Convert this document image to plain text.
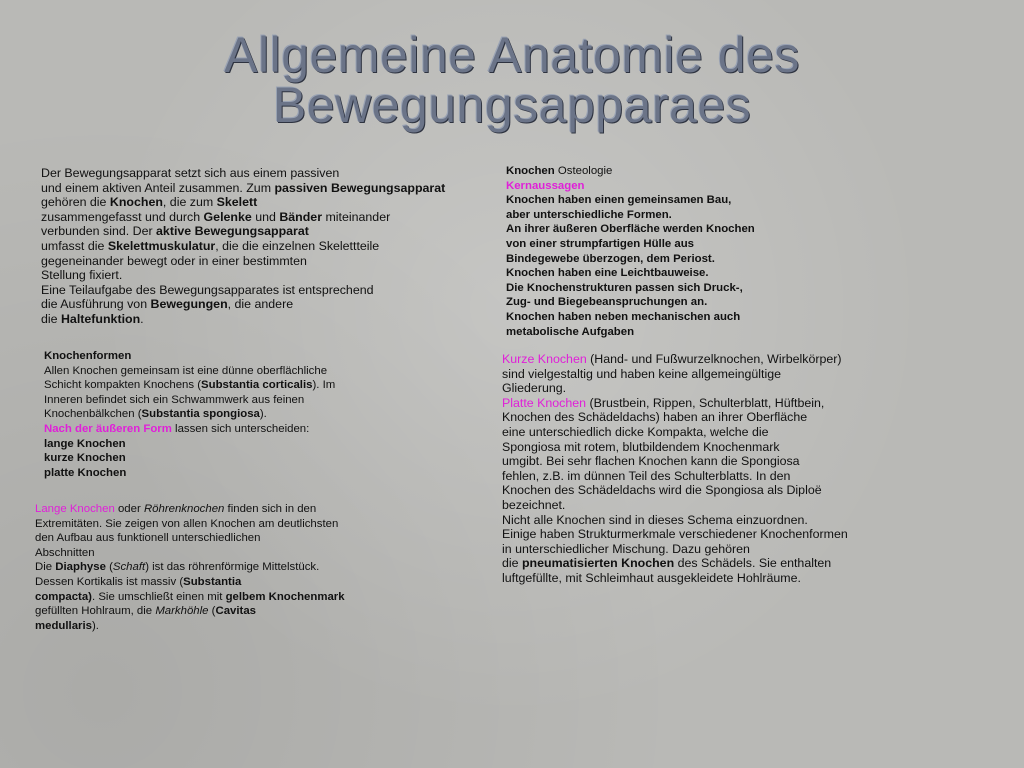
Allgemeine Anatomie des
Bewegungsapparaes
Der Bewegungsapparat setzt sich aus einem passiven
und einem aktiven Anteil zusammen. Zum passiven Bewegungsapparat
gehören die Knochen, die zum Skelett
zusammengefasst und durch Gelenke und Bänder miteinander
verbunden sind. Der aktive Bewegungsapparat
umfasst die Skelettmuskulatur, die die einzelnen Skelettteile
gegeneinander bewegt oder in einer bestimmten
Stellung fixiert.
Eine Teilaufgabe des Bewegungsapparates ist entsprechend
die Ausführung von Bewegungen, die andere
die Haltefunktion.
Knochenformen
Allen Knochen gemeinsam ist eine dünne oberflächliche
Schicht kompakten Knochens (Substantia corticalis). Im
Inneren befindet sich ein Schwammwerk aus feinen
Knochenbälkchen (Substantia spongiosa).
Nach der äußeren Form lassen sich unterscheiden:
lange Knochen
kurze Knochen
platte Knochen
Lange Knochen oder Röhrenknochen finden sich in den
Extremitäten. Sie zeigen von allen Knochen am deutlichsten
den Aufbau aus funktionell unterschiedlichen
Abschnitten
Die Diaphyse (Schaft) ist das röhrenförmige Mittelstück.
Dessen Kortikalis ist massiv (Substantia
compacta). Sie umschließt einen mit gelbem Knochenmark
gefüllten Hohlraum, die Markhöhle (Cavitas
medullaris).
Knochen Osteologie
Kernaussagen
Knochen haben einen gemeinsamen Bau,
aber unterschiedliche Formen.
An ihrer äußeren Oberfläche werden Knochen
von einer strumpfartigen Hülle aus
Bindegewebe überzogen, dem Periost.
Knochen haben eine Leichtbauweise.
Die Knochenstrukturen passen sich Druck-,
Zug- und Biegebeanspruchungen an.
Knochen haben neben mechanischen auch
metabolische Aufgaben
Kurze Knochen (Hand- und Fußwurzelknochen, Wirbelkörper)
sind vielgestaltig und haben keine allgemeingültige
Gliederung.
Platte Knochen (Brustbein, Rippen, Schulterblatt, Hüftbein,
Knochen des Schädeldachs) haben an ihrer Oberfläche
eine unterschiedlich dicke Kompakta, welche die
Spongiosa mit rotem, blutbildendem Knochenmark
umgibt. Bei sehr flachen Knochen kann die Spongiosa
fehlen, z.B. im dünnen Teil des Schulterblatts. In den
Knochen des Schädeldachs wird die Spongiosa als Diploë
bezeichnet.
Nicht alle Knochen sind in dieses Schema einzuordnen.
Einige haben Strukturmerkmale verschiedener Knochenformen
in unterschiedlicher Mischung. Dazu gehören
die pneumatisierten Knochen des Schädels. Sie enthalten
luftgefüllte, mit Schleimhaut ausgekleidete Hohlräume.
